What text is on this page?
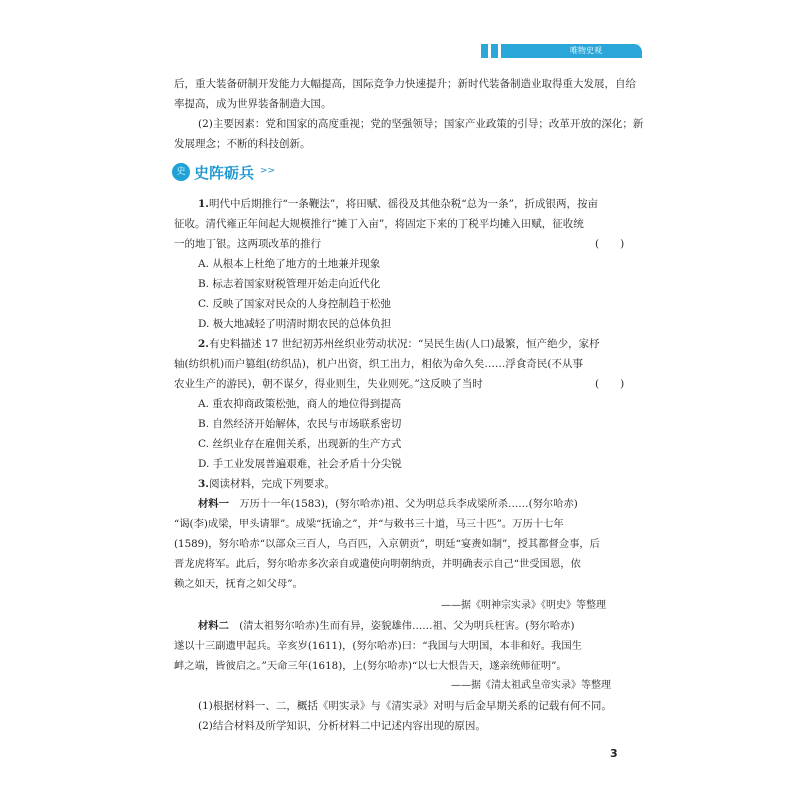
唯物史观
后，重大装备研制开发能力大幅提高，国际竞争力快速提升；新时代装备制造业取得重大发展，自给
率提高，成为世界装备制造大国。
(2)主要因素：党和国家的高度重视；党的坚强领导；国家产业政策的引导；改革开放的深化；新
发展理念；不断的科技创新。
史 史阵砺兵 >>
1.明代中后期推行“一条鞭法”，将田赋、徭役及其他杂税“总为一条”，折成银两，按亩
征收。清代雍正年间起大规模推行“摊丁入亩”，将固定下来的丁税平均摊入田赋，征收统
一的地丁银。这两项改革的推行	(　　)
A. 从根本上杜绝了地方的土地兼并现象
B. 标志着国家财税管理开始走向近代化
C. 反映了国家对民众的人身控制趋于松弛
D. 极大地减轻了明清时期农民的总体负担
2.有史料描述 17 世纪初苏州丝织业劳动状况：“吴民生齿(人口)最繁，恒产绝少，家杼
轴(纺织机)而户篡组(纺织品)，机户出资，织工出力，相依为命久矣……浮食奇民(不从事
农业生产的游民)，朝不谋夕，得业则生，失业则死。”这反映了当时	(　　)
A. 重农抑商政策松弛，商人的地位得到提高
B. 自然经济开始解体，农民与市场联系密切
C. 丝织业存在雇佣关系，出现新的生产方式
D. 手工业发展普遍艰难，社会矛盾十分尖锐
3.阅读材料，完成下列要求。
材料一　 万历十一年(1583)，(努尔哈赤)祖、父为明总兵李成梁所杀……(努尔哈赤)
“谒(李)成梁，甲头请罪”。成梁“抚谕之”，并“与敕书三十道，马三十匹”。万历十七年
(1589)，努尔哈赤“以部众三百人，乌百匹，入京朝贡”，明廷“宴赉如制”，授其都督佥事，后
晋龙虎将军。此后，努尔哈赤多次亲自或遣使向明朝纳贡，并明确表示自己“世受国恩，依
赖之如天，抚育之如父母”。
——据《明神宗实录》《明史》等整理
材料二　 (清太祖努尔哈赤)生而有异，姿貌雄伟……祖、父为明兵枉害。(努尔哈赤)
遂以十三副遗甲起兵。辛亥岁(1611)，(努尔哈赤)曰：“我国与大明国，本非和好。我国生
衅之端，皆彼启之。”天命三年(1618)，上(努尔哈赤)“以七大恨告天，遂亲统师征明”。
——据《清太祖武皇帝实录》等整理
(1)根据材料一、二，概括《明实录》与《清实录》对明与后金早期关系的记载有何不同。
(2)结合材料及所学知识，分析材料二中记述内容出现的原因。
3
